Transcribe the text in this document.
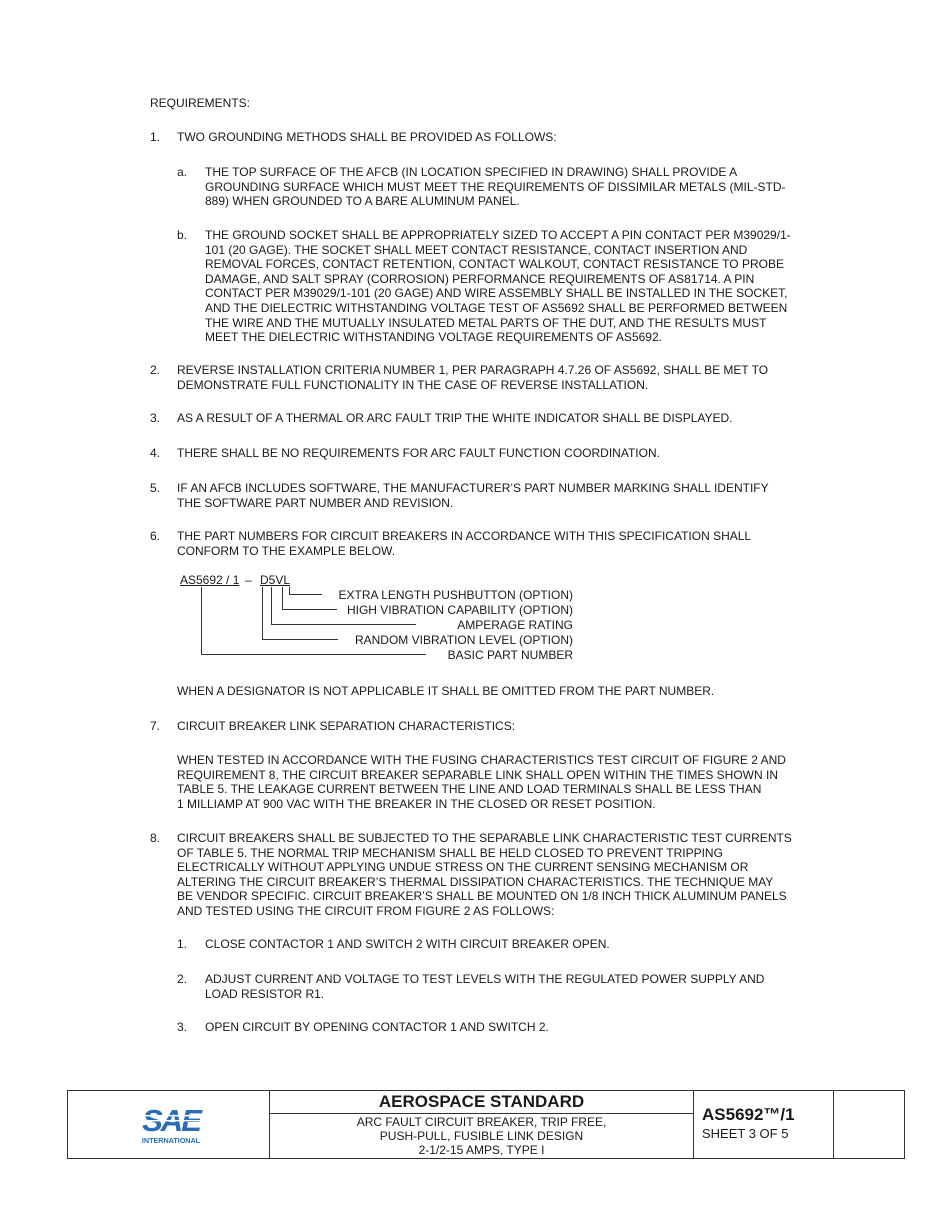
REQUIREMENTS:
1. TWO GROUNDING METHODS SHALL BE PROVIDED AS FOLLOWS:
a. THE TOP SURFACE OF THE AFCB (IN LOCATION SPECIFIED IN DRAWING) SHALL PROVIDE A
GROUNDING SURFACE WHICH MUST MEET THE REQUIREMENTS OF DISSIMILAR METALS (MIL-STD-
889) WHEN GROUNDED TO A BARE ALUMINUM PANEL.
b. THE GROUND SOCKET SHALL BE APPROPRIATELY SIZED TO ACCEPT A PIN CONTACT PER M39029/1-
101 (20 GAGE). THE SOCKET SHALL MEET CONTACT RESISTANCE, CONTACT INSERTION AND
REMOVAL FORCES, CONTACT RETENTION, CONTACT WALKOUT, CONTACT RESISTANCE TO PROBE
DAMAGE, AND SALT SPRAY (CORROSION) PERFORMANCE REQUIREMENTS OF AS81714. A PIN
CONTACT PER M39029/1-101 (20 GAGE) AND WIRE ASSEMBLY SHALL BE INSTALLED IN THE SOCKET,
AND THE DIELECTRIC WITHSTANDING VOLTAGE TEST OF AS5692 SHALL BE PERFORMED BETWEEN
THE WIRE AND THE MUTUALLY INSULATED METAL PARTS OF THE DUT, AND THE RESULTS MUST
MEET THE DIELECTRIC WITHSTANDING VOLTAGE REQUIREMENTS OF AS5692.
2. REVERSE INSTALLATION CRITERIA NUMBER 1, PER PARAGRAPH 4.7.26 OF AS5692, SHALL BE MET TO
DEMONSTRATE FULL FUNCTIONALITY IN THE CASE OF REVERSE INSTALLATION.
3. AS A RESULT OF A THERMAL OR ARC FAULT TRIP THE WHITE INDICATOR SHALL BE DISPLAYED.
4. THERE SHALL BE NO REQUIREMENTS FOR ARC FAULT FUNCTION COORDINATION.
5. IF AN AFCB INCLUDES SOFTWARE, THE MANUFACTURER’S PART NUMBER MARKING SHALL IDENTIFY
THE SOFTWARE PART NUMBER AND REVISION.
6. THE PART NUMBERS FOR CIRCUIT BREAKERS IN ACCORDANCE WITH THIS SPECIFICATION SHALL
CONFORM TO THE EXAMPLE BELOW.
AS5692 / 1 – D5VL
EXTRA LENGTH PUSHBUTTON (OPTION)
HIGH VIBRATION CAPABILITY (OPTION)
AMPERAGE RATING
RANDOM VIBRATION LEVEL (OPTION)
BASIC PART NUMBER
WHEN A DESIGNATOR IS NOT APPLICABLE IT SHALL BE OMITTED FROM THE PART NUMBER.
7. CIRCUIT BREAKER LINK SEPARATION CHARACTERISTICS:
WHEN TESTED IN ACCORDANCE WITH THE FUSING CHARACTERISTICS TEST CIRCUIT OF FIGURE 2 AND
REQUIREMENT 8, THE CIRCUIT BREAKER SEPARABLE LINK SHALL OPEN WITHIN THE TIMES SHOWN IN
TABLE 5. THE LEAKAGE CURRENT BETWEEN THE LINE AND LOAD TERMINALS SHALL BE LESS THAN
1 MILLIAMP AT 900 VAC WITH THE BREAKER IN THE CLOSED OR RESET POSITION.
8. CIRCUIT BREAKERS SHALL BE SUBJECTED TO THE SEPARABLE LINK CHARACTERISTIC TEST CURRENTS
OF TABLE 5. THE NORMAL TRIP MECHANISM SHALL BE HELD CLOSED TO PREVENT TRIPPING
ELECTRICALLY WITHOUT APPLYING UNDUE STRESS ON THE CURRENT SENSING MECHANISM OR
ALTERING THE CIRCUIT BREAKER’S THERMAL DISSIPATION CHARACTERISTICS. THE TECHNIQUE MAY
BE VENDOR SPECIFIC. CIRCUIT BREAKER’S SHALL BE MOUNTED ON 1/8 INCH THICK ALUMINUM PANELS
AND TESTED USING THE CIRCUIT FROM FIGURE 2 AS FOLLOWS:
1. CLOSE CONTACTOR 1 AND SWITCH 2 WITH CIRCUIT BREAKER OPEN.
2. ADJUST CURRENT AND VOLTAGE TO TEST LEVELS WITH THE REGULATED POWER SUPPLY AND
LOAD RESISTOR R1.
3. OPEN CIRCUIT BY OPENING CONTACTOR 1 AND SWITCH 2.
INTERNATIONAL
AEROSPACE STANDARD
ARC FAULT CIRCUIT BREAKER, TRIP FREE,
PUSH-PULL, FUSIBLE LINK DESIGN
2-1/2-15 AMPS, TYPE I
AS5692™/1
SHEET 3 OF 5
